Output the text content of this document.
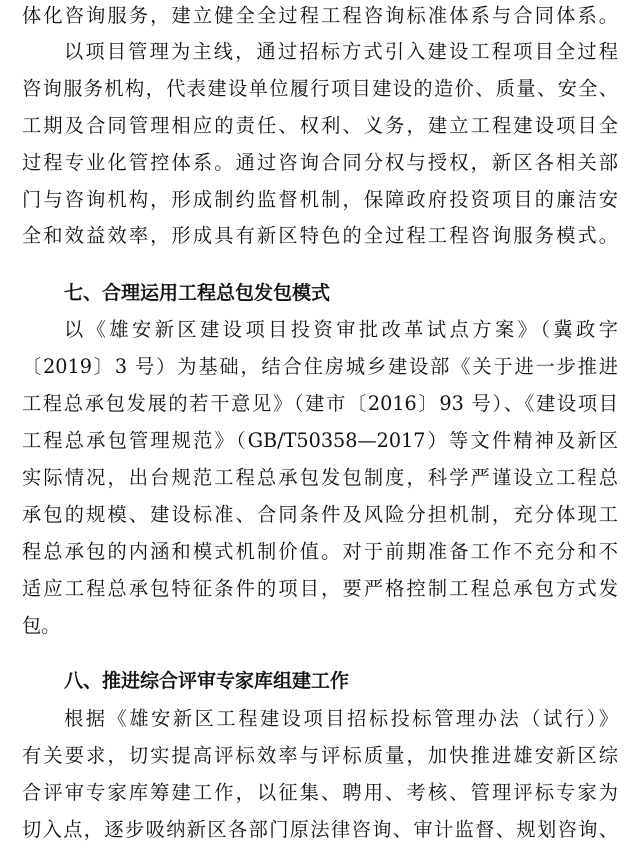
体化咨询服务，建立健全全过程工程咨询标准体系与合同体系。
以项目管理为主线，通过招标方式引入建设工程项目全过程
咨询服务机构，代表建设单位履行项目建设的造价、质量、安全、
工期及合同管理相应的责任、权利、义务，建立工程建设项目全
过程专业化管控体系。通过咨询合同分权与授权，新区各相关部
门与咨询机构，形成制约监督机制，保障政府投资项目的廉洁安
全和效益效率，形成具有新区特色的全过程工程咨询服务模式。
七、合理运用工程总包发包模式
以《雄安新区建设项目投资审批改革试点方案》（冀政字
〔2019〕3 号）为基础，结合住房城乡建设部《关于进一步推进
工程总承包发展的若干意见》（建市〔2016〕93 号）、《建设项目
工程总承包管理规范》（GB/T50358—2017）等文件精神及新区
实际情况，出台规范工程总承包发包制度，科学严谨设立工程总
承包的规模、建设标准、合同条件及风险分担机制，充分体现工
程总承包的内涵和模式机制价值。对于前期准备工作不充分和不
适应工程总承包特征条件的项目，要严格控制工程总承包方式发
包。
八、推进综合评审专家库组建工作
根据《雄安新区工程建设项目招标投标管理办法（试行）》
有关要求，切实提高评标效率与评标质量，加快推进雄安新区综
合评审专家库筹建工作，以征集、聘用、考核、管理评标专家为
切入点，逐步吸纳新区各部门原法律咨询、审计监督、规划咨询、
